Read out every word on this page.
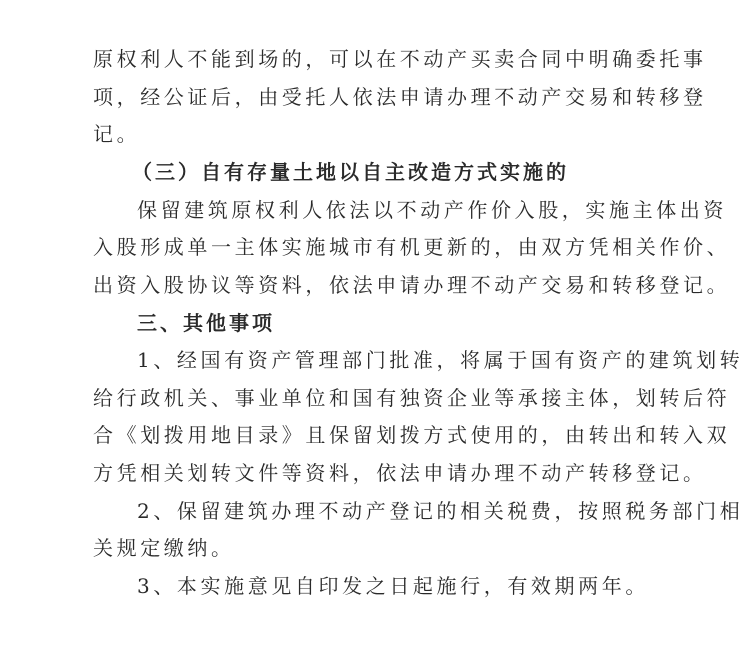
原权利人不能到场的，可以在不动产买卖合同中明确委托事
项，经公证后，由受托人依法申请办理不动产交易和转移登
记。
（三）自有存量土地以自主改造方式实施的
保留建筑原权利人依法以不动产作价入股，实施主体出资
入股形成单一主体实施城市有机更新的，由双方凭相关作价、
出资入股协议等资料，依法申请办理不动产交易和转移登记。
三、其他事项
1、经国有资产管理部门批准，将属于国有资产的建筑划转
给行政机关、事业单位和国有独资企业等承接主体，划转后符
合《划拨用地目录》且保留划拨方式使用的，由转出和转入双
方凭相关划转文件等资料，依法申请办理不动产转移登记。
2、保留建筑办理不动产登记的相关税费，按照税务部门相
关规定缴纳。
3、本实施意见自印发之日起施行，有效期两年。
